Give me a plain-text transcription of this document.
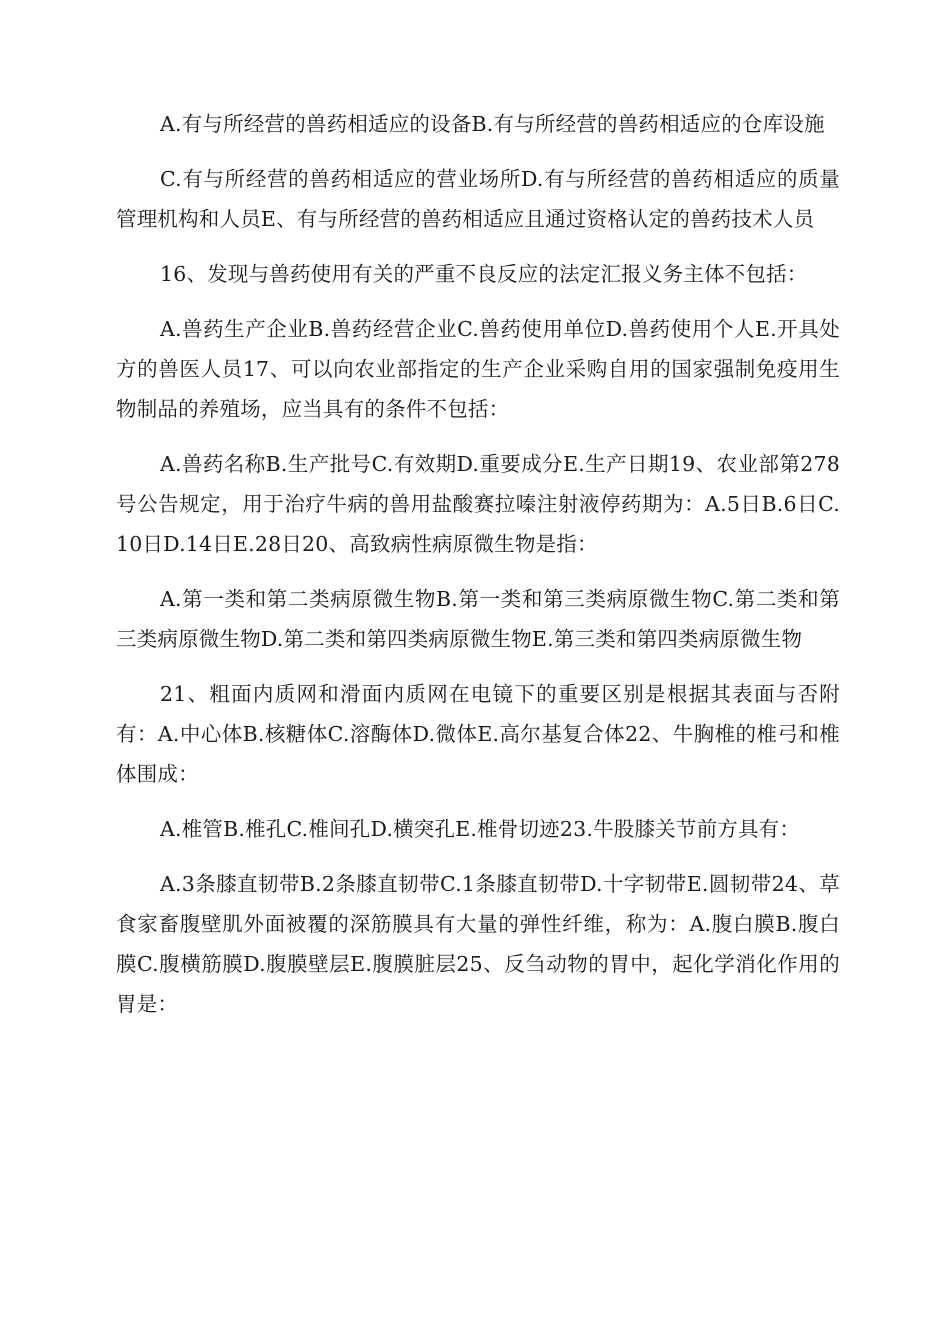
A.有与所经营的兽药相适应的设备B.有与所经营的兽药相适应的仓库设施

C.有与所经营的兽药相适应的营业场所D.有与所经营的兽药相适应的质量管理机构和人员E、有与所经营的兽药相适应且通过资格认定的兽药技术人员

16、发现与兽药使用有关的严重不良反应的法定汇报义务主体不包括：

A.兽药生产企业B.兽药经营企业C.兽药使用单位D.兽药使用个人E.开具处方的兽医人员17、可以向农业部指定的生产企业采购自用的国家强制免疫用生物制品的养殖场，应当具有的条件不包括：

A.兽药名称B.生产批号C.有效期D.重要成分E.生产日期19、农业部第278号公告规定，用于治疗牛病的兽用盐酸赛拉嗪注射液停药期为：A.5日B.6日C.10日D.14日E.28日20、高致病性病原微生物是指：

A.第一类和第二类病原微生物B.第一类和第三类病原微生物C.第二类和第三类病原微生物D.第二类和第四类病原微生物E.第三类和第四类病原微生物

21、粗面内质网和滑面内质网在电镜下的重要区别是根据其表面与否附有：A.中心体B.核糖体C.溶酶体D.微体E.高尔基复合体22、牛胸椎的椎弓和椎体围成：

A.椎管B.椎孔C.椎间孔D.横突孔E.椎骨切迹23.牛股膝关节前方具有：

A.3条膝直韧带B.2条膝直韧带C.1条膝直韧带D.十字韧带E.圆韧带24、草食家畜腹壁肌外面被覆的深筋膜具有大量的弹性纤维，称为：A.腹白膜B.腹白膜C.腹横筋膜D.腹膜壁层E.腹膜脏层25、反刍动物的胃中，起化学消化作用的胃是：
